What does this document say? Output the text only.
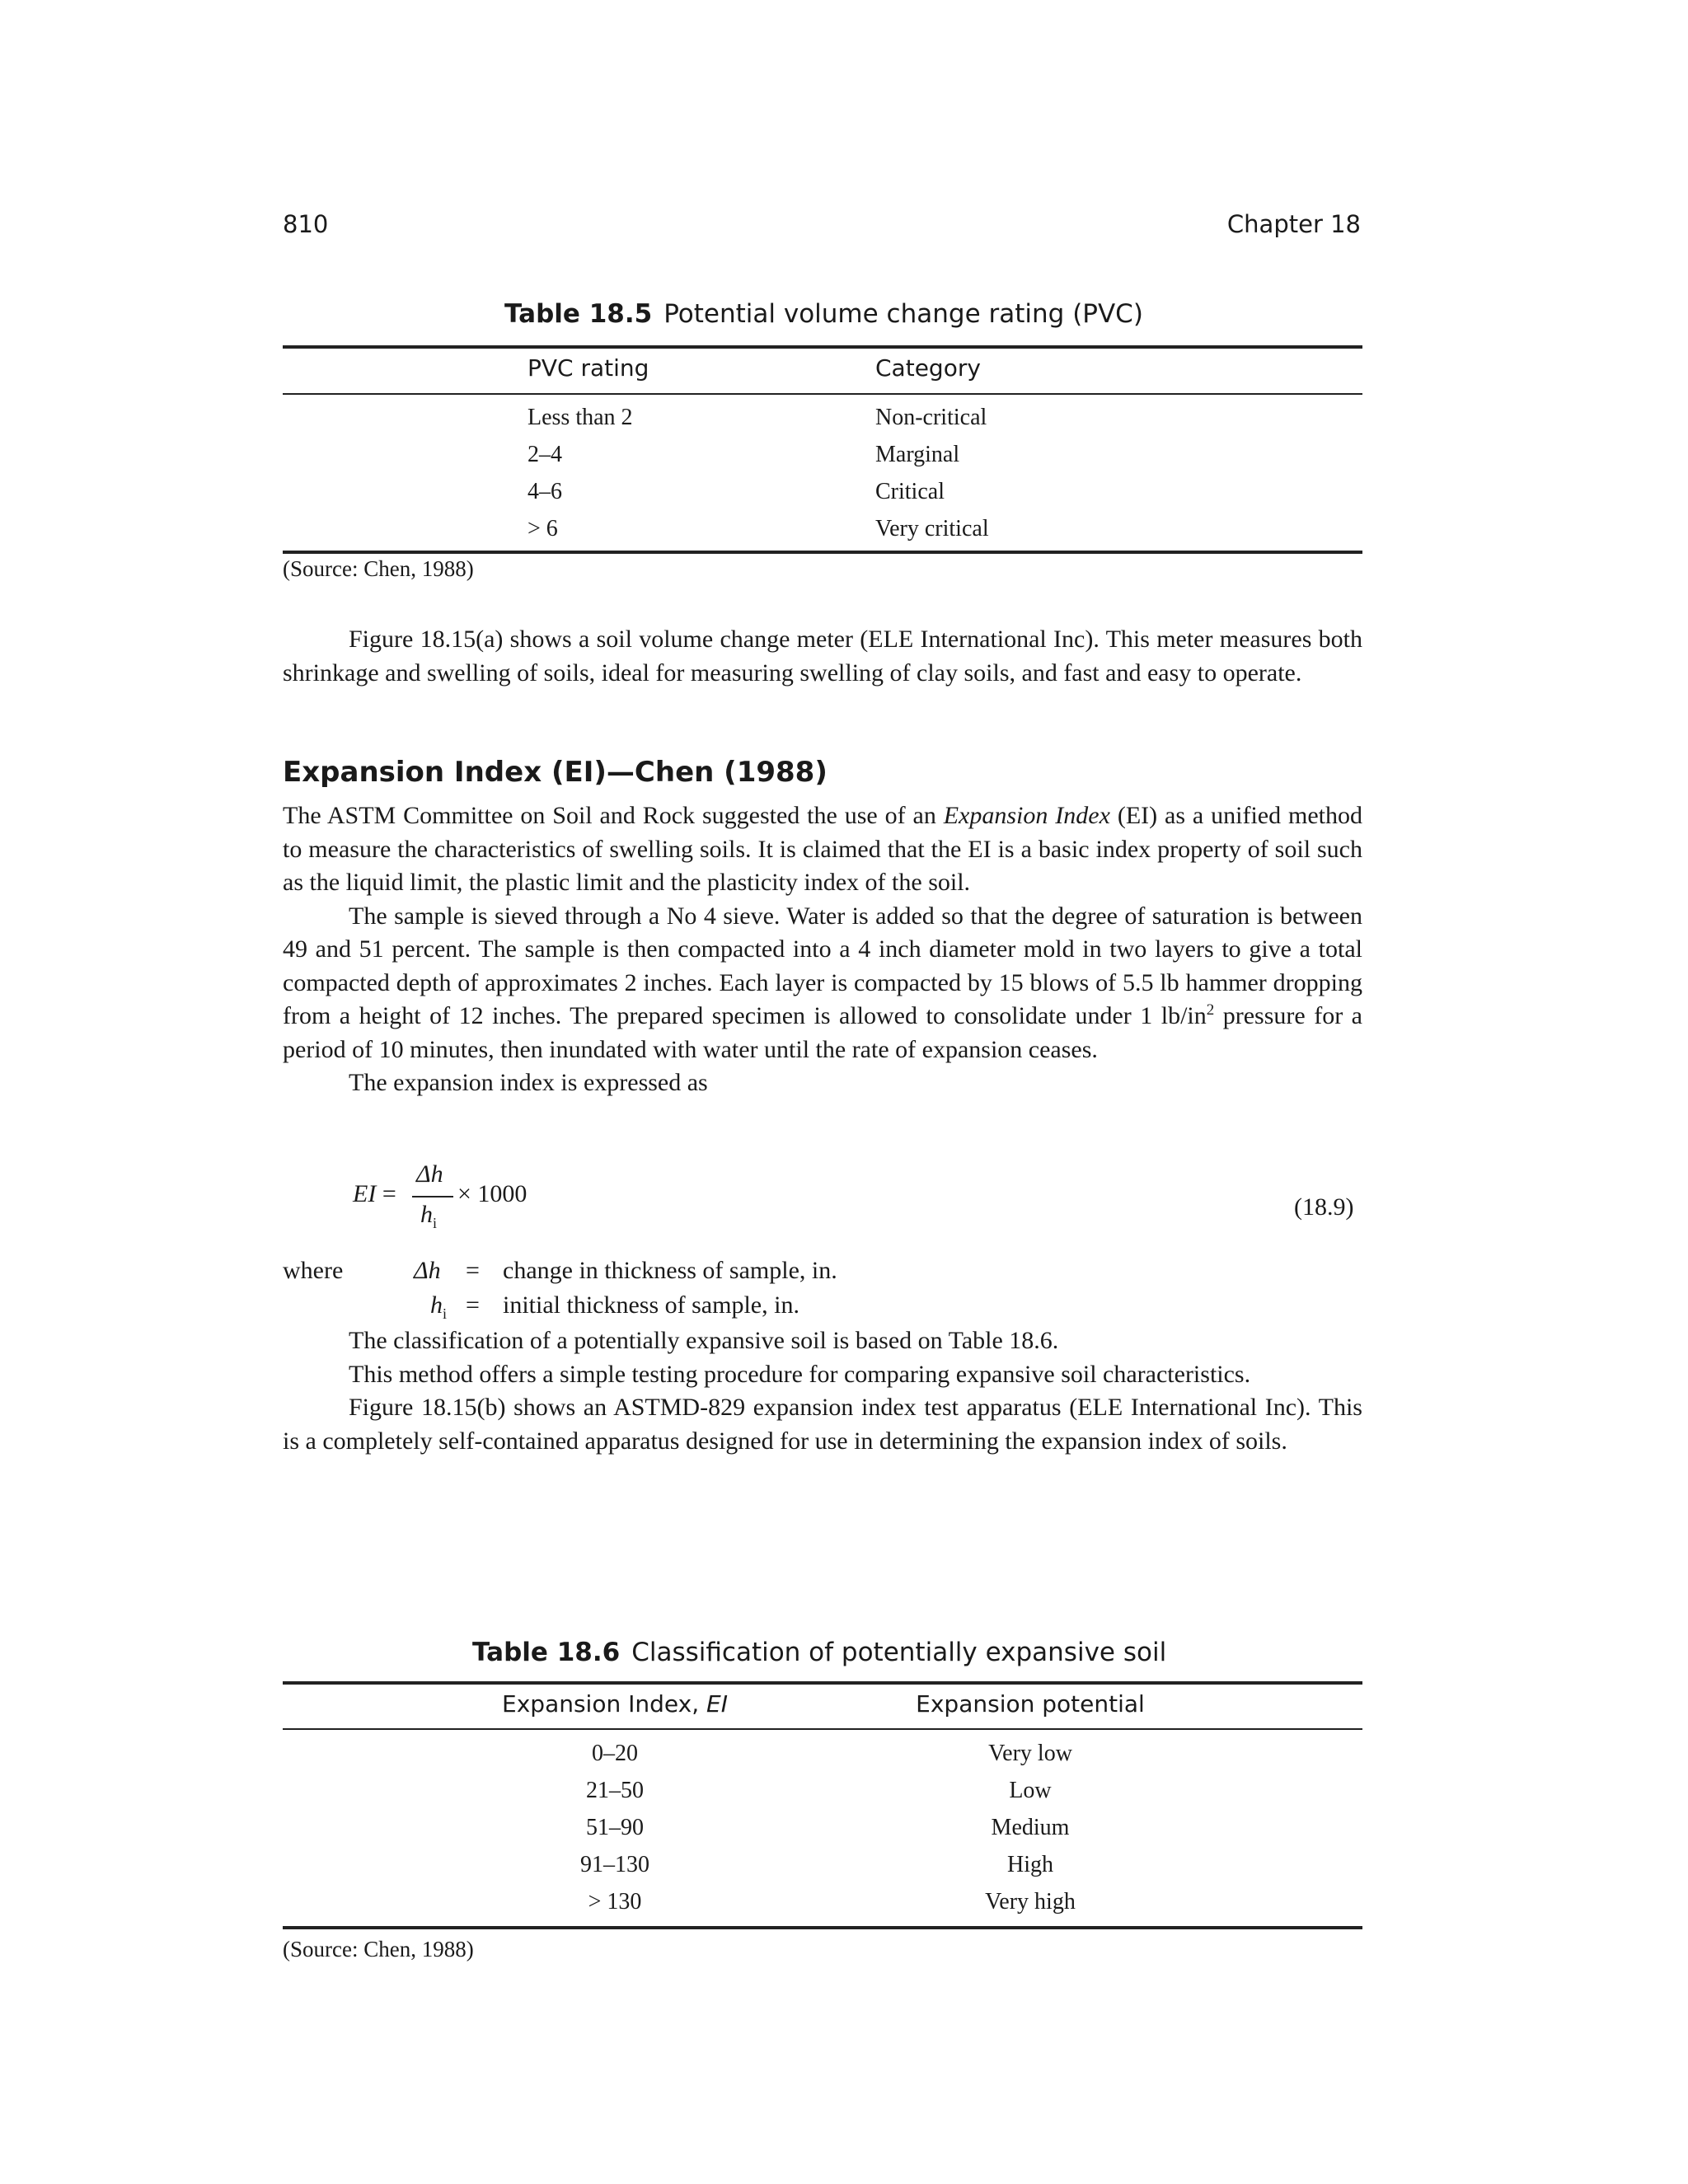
810	Chapter 18
Table 18.5 Potential volume change rating (PVC)
PVC rating	Category
Less than 2	Non-critical
2–4	Marginal
4–6	Critical
> 6	Very critical
(Source: Chen, 1988)

Figure 18.15(a) shows a soil volume change meter (ELE International Inc). This meter measures both shrinkage and swelling of soils, ideal for measuring swelling of clay soils, and fast and easy to operate.

Expansion Index (EI)—Chen (1988)

The ASTM Committee on Soil and Rock suggested the use of an Expansion Index (EI) as a unified method to measure the characteristics of swelling soils. It is claimed that the EI is a basic index property of soil such as the liquid limit, the plastic limit and the plasticity index of the soil.

The sample is sieved through a No 4 sieve. Water is added so that the degree of saturation is between 49 and 51 percent. The sample is then compacted into a 4 inch diameter mold in two layers to give a total compacted depth of approximates 2 inches. Each layer is compacted by 15 blows of 5.5 lb hammer dropping from a height of 12 inches. The prepared specimen is allowed to consolidate under 1 $lb/in^2$ pressure for a period of 10 minutes, then inundated with water until the rate of expansion ceases.

The expansion index is expressed as

EI =
Δh
$h_i$
× 1000	(18.9)
where	Δh = change in thickness of sample, in.
$h_i$ = initial thickness of sample, in.

The classification of a potentially expansive soil is based on Table 18.6.

This method offers a simple testing procedure for comparing expansive soil characteristics.

Figure 18.15(b) shows an ASTMD-829 expansion index test apparatus (ELE International Inc). This is a completely self-contained apparatus designed for use in determining the expansion index of soils.

Table 18.6 Classification of potentially expansive soil
Expansion Index, EI	Expansion potential
0–20	Very low
21–50	Low
51–90	Medium
91–130	High
> 130	Very high
(Source: Chen, 1988)
